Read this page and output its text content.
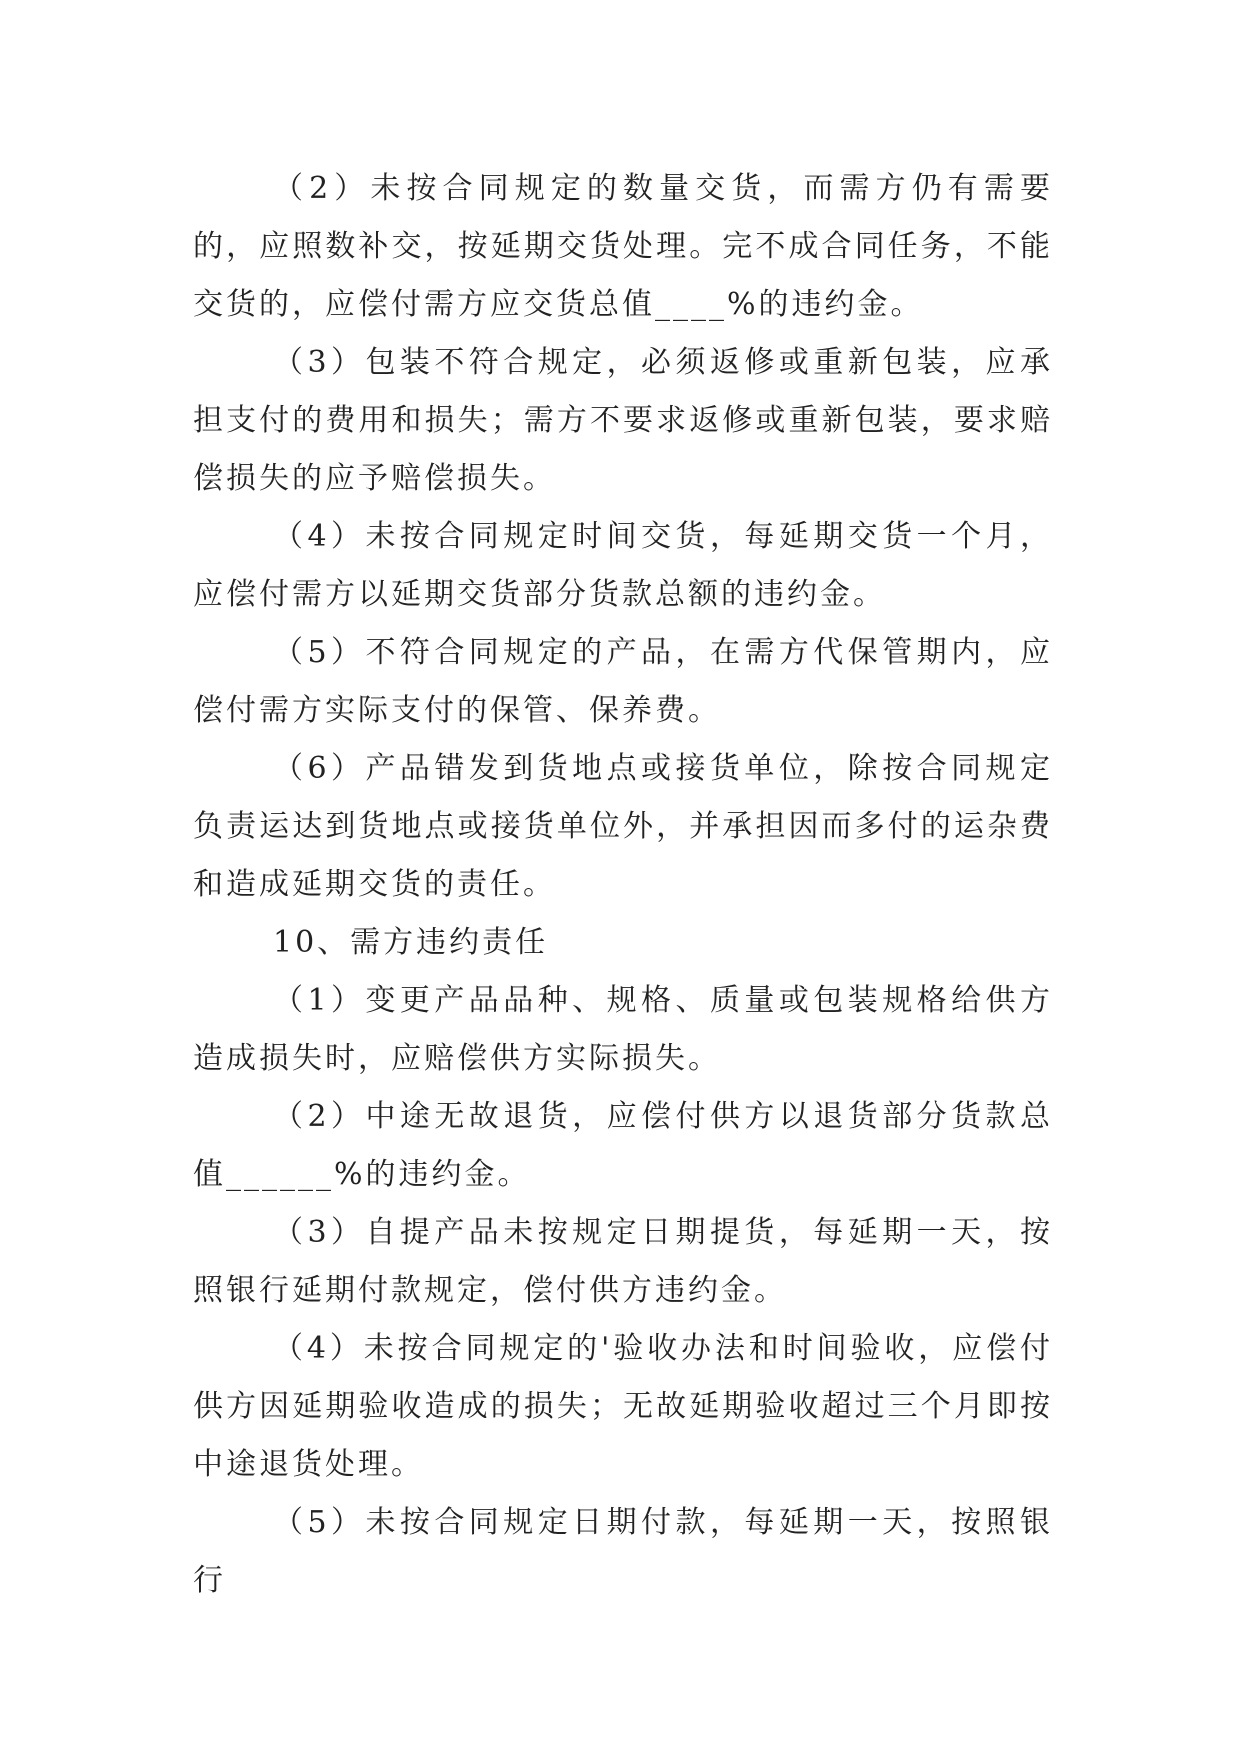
（2）未按合同规定的数量交货，而需方仍有需要的，应照数补交，按延期交货处理。完不成合同任务，不能交货的，应偿付需方应交货总值____%的违约金。

（3）包装不符合规定，必须返修或重新包装，应承担支付的费用和损失；需方不要求返修或重新包装，要求赔偿损失的应予赔偿损失。

（4）未按合同规定时间交货，每延期交货一个月，应偿付需方以延期交货部分货款总额的违约金。

（5）不符合同规定的产品，在需方代保管期内，应偿付需方实际支付的保管、保养费。

（6）产品错发到货地点或接货单位，除按合同规定负责运达到货地点或接货单位外，并承担因而多付的运杂费和造成延期交货的责任。

10、需方违约责任

（1）变更产品品种、规格、质量或包装规格给供方造成损失时，应赔偿供方实际损失。

（2）中途无故退货，应偿付供方以退货部分货款总值______%的违约金。

（3）自提产品未按规定日期提货，每延期一天，按照银行延期付款规定，偿付供方违约金。

（4）未按合同规定的'验收办法和时间验收，应偿付供方因延期验收造成的损失；无故延期验收超过三个月即按中途退货处理。

（5）未按合同规定日期付款，每延期一天，按照银行
